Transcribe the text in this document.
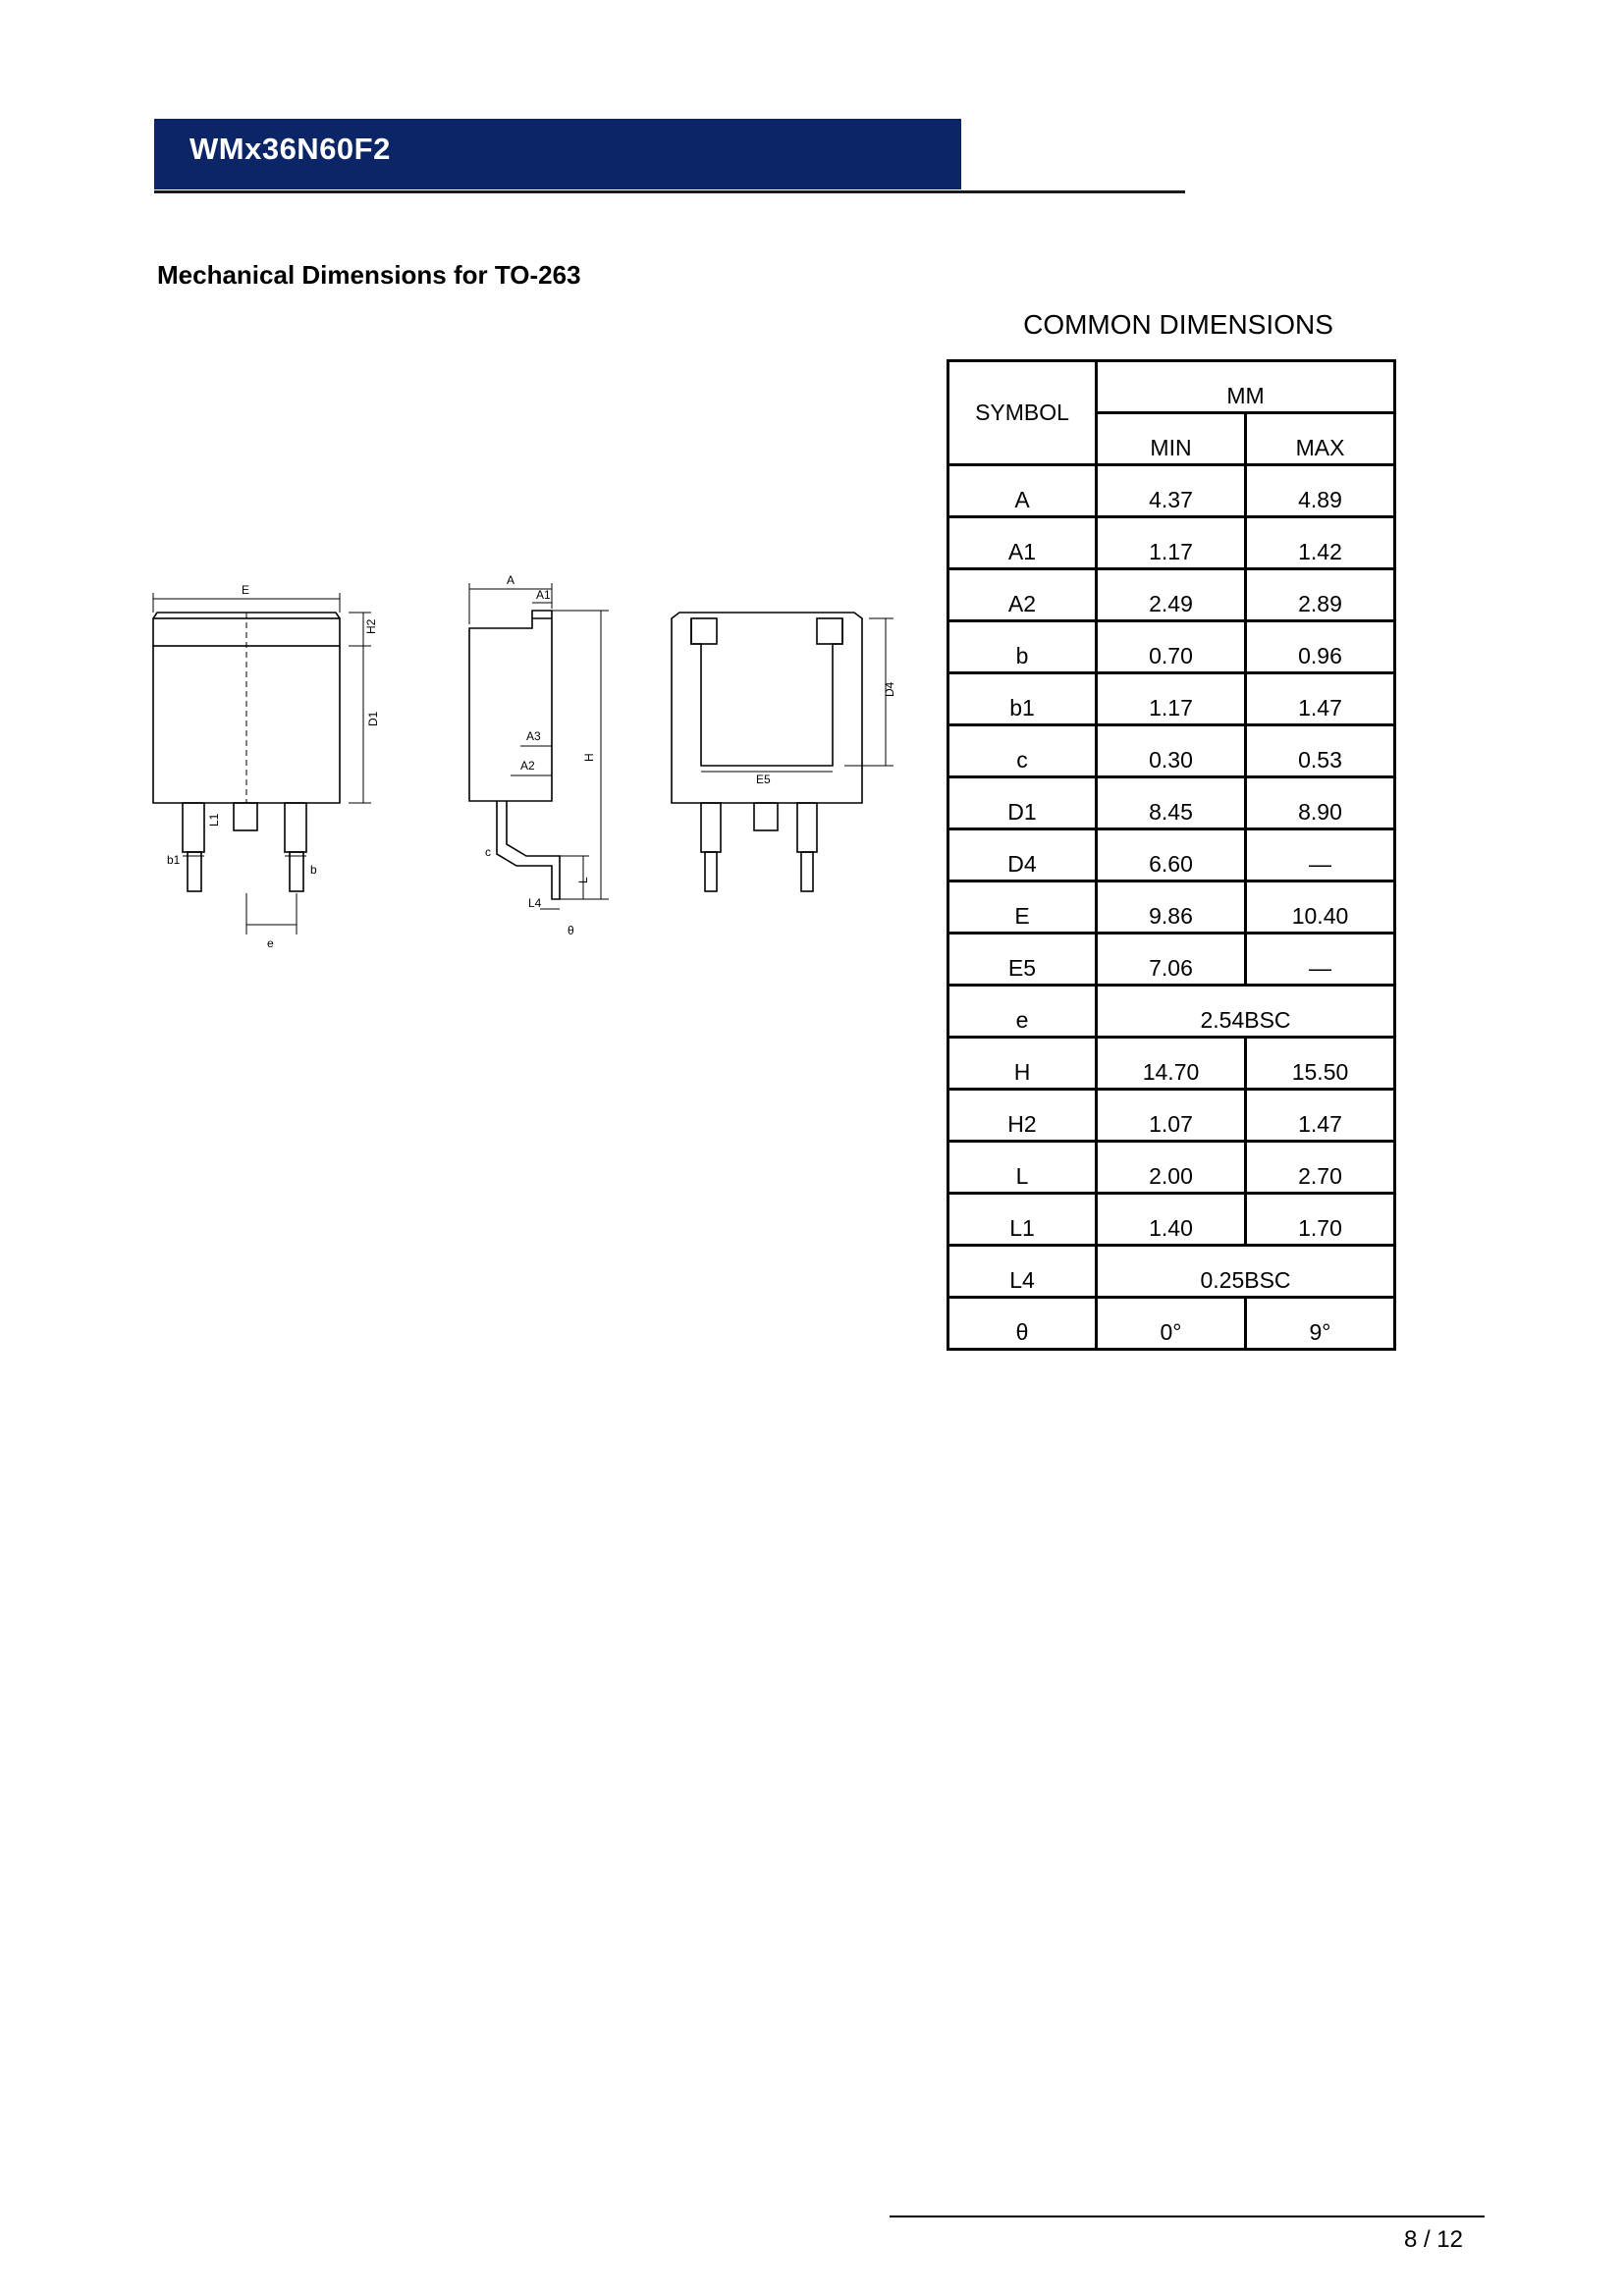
WMx36N60F2
Mechanical Dimensions for TO-263
E
H2
D1
L1
b1
b
e
A
A1
A3
A2
H
c
L
L4
θ
D4
E5
COMMON DIMENSIONS
SYMBOL	MM	
	MIN	MAX
A	4.37	4.89
A1	1.17	1.42
A2	2.49	2.89
b	0.70	0.96
b1	1.17	1.47
c	0.30	0.53
D1	8.45	8.90
D4	6.60	—
E	9.86	10.40
E5	7.06	—
e	2.54BSC	
H	14.70	15.50
H2	1.07	1.47
L	2.00	2.70
L1	1.40	1.70
L4	0.25BSC	
θ	0°	9°
8 / 12
